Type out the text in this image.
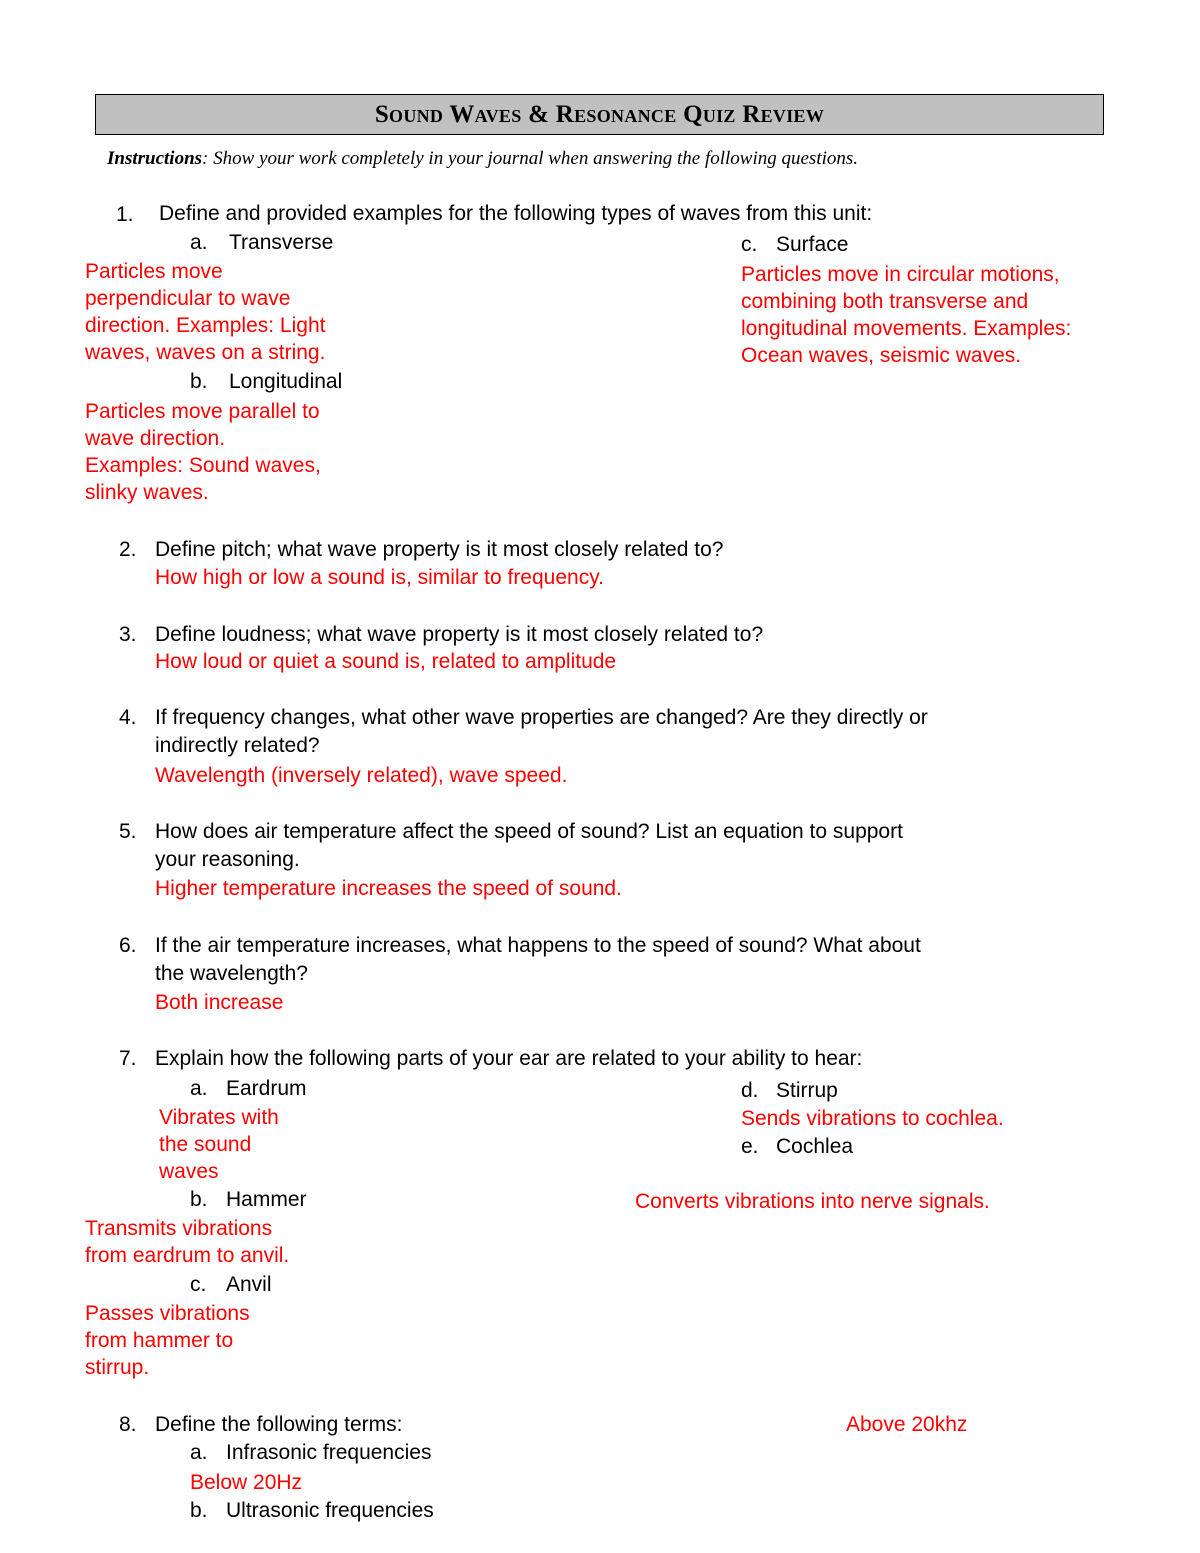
Sound Waves & Resonance Quiz Review
Instructions: Show your work completely in your journal when answering the following questions.
1. Define and provided examples for the following types of waves from this unit:
a. Transverse
Particles move
perpendicular to wave
direction. Examples: Light
waves, waves on a string.
b. Longitudinal
Particles move parallel to
wave direction.
Examples: Sound waves,
slinky waves.
c. Surface
Particles move in circular motions,
combining both transverse and
longitudinal movements. Examples:
Ocean waves, seismic waves.
2. Define pitch; what wave property is it most closely related to?
How high or low a sound is, similar to frequency.
3. Define loudness; what wave property is it most closely related to?
How loud or quiet a sound is, related to amplitude
4. If frequency changes, what other wave properties are changed? Are they directly or
indirectly related?
Wavelength (inversely related), wave speed.
5. How does air temperature affect the speed of sound? List an equation to support
your reasoning.
Higher temperature increases the speed of sound.
6. If the air temperature increases, what happens to the speed of sound? What about
the wavelength?
Both increase
7. Explain how the following parts of your ear are related to your ability to hear:
a. Eardrum
Vibrates with
the sound
waves
b. Hammer
Transmits vibrations
from eardrum to anvil.
c. Anvil
Passes vibrations
from hammer to
stirrup.
d. Stirrup
Sends vibrations to cochlea.
e. Cochlea
Converts vibrations into nerve signals.
8. Define the following terms:
a. Infrasonic frequencies
Below 20Hz
b. Ultrasonic frequencies
Above 20khz
